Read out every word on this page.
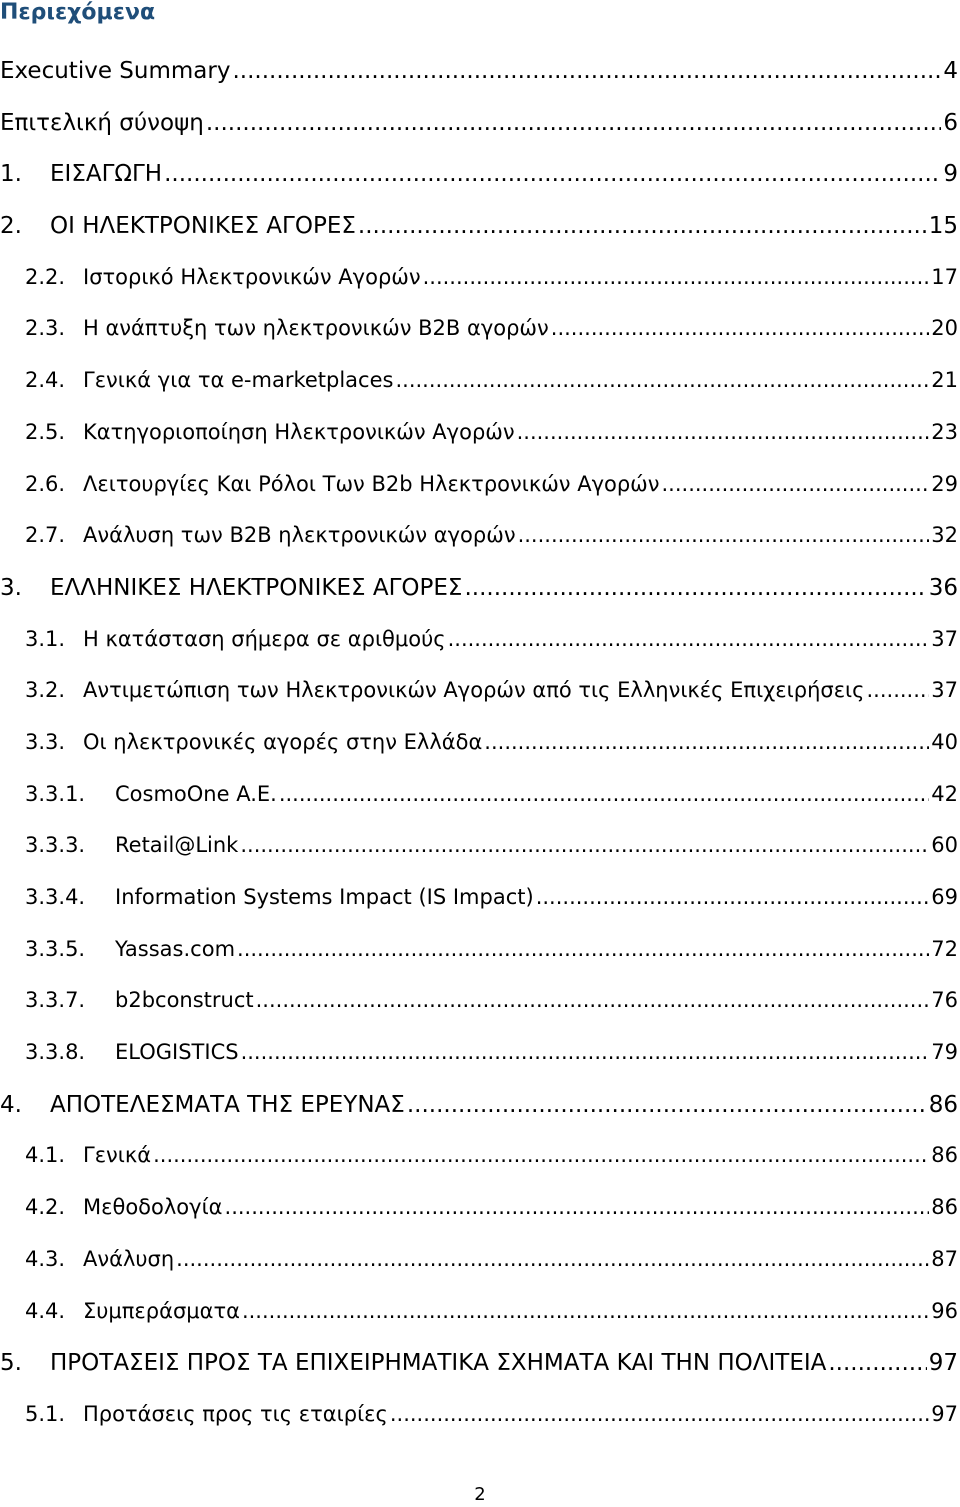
Περιεχόμενα
Executive Summary .....	4
Επιτελική σύνοψη .....	6
1.	ΕΙΣΑΓΩΓΗ .....	9
2.	ΟΙ ΗΛΕΚΤΡΟΝΙΚΕΣ ΑΓΟΡΕΣ .....	15
2.2. Ιστορικό Ηλεκτρονικών Αγορών .....	17
2.3. Η ανάπτυξη των ηλεκτρονικών B2B αγορών .....	20
2.4. Γενικά για τα e-marketplaces .....	21
2.5. Κατηγοριοποίηση Ηλεκτρονικών Αγορών .....	23
2.6. Λειτουργίες Και Ρόλοι Των B2b Ηλεκτρονικών Αγορών .....	29
2.7. Ανάλυση των B2B ηλεκτρονικών αγορών .....	32
3.	ΕΛΛΗΝΙΚΕΣ ΗΛΕΚΤΡΟΝΙΚΕΣ ΑΓΟΡΕΣ .....	36
3.1. Η κατάσταση σήμερα σε αριθμούς .....	37
3.2. Αντιμετώπιση των Ηλεκτρονικών Αγορών από τις Ελληνικές Επιχειρήσεις .....	37
3.3. Οι ηλεκτρονικές αγορές στην Ελλάδα .....	40
3.3.1.	CosmoOne A.E. .....	42
3.3.3.	Retail@Link .....	60
3.3.4.	Information Systems Impact (IS Impact) .....	69
3.3.5.	Yassas.com .....	72
3.3.7.	b2bconstruct .....	76
3.3.8.	ELOGISTICS .....	79
4.	ΑΠΟΤΕΛΕΣΜΑΤΑ ΤΗΣ ΕΡΕΥΝΑΣ .....	86
4.1. Γενικά .....	86
4.2. Μεθοδολογία .....	86
4.3. Ανάλυση .....	87
4.4. Συμπεράσματα .....	96
5.	ΠΡΟΤΑΣΕΙΣ ΠΡΟΣ ΤΑ ΕΠΙΧΕΙΡΗΜΑΤΙΚΑ ΣΧΗΜΑΤΑ ΚΑΙ ΤΗΝ ΠΟΛΙΤΕΙΑ .....	97
5.1. Προτάσεις προς τις εταιρίες .....	97
2
